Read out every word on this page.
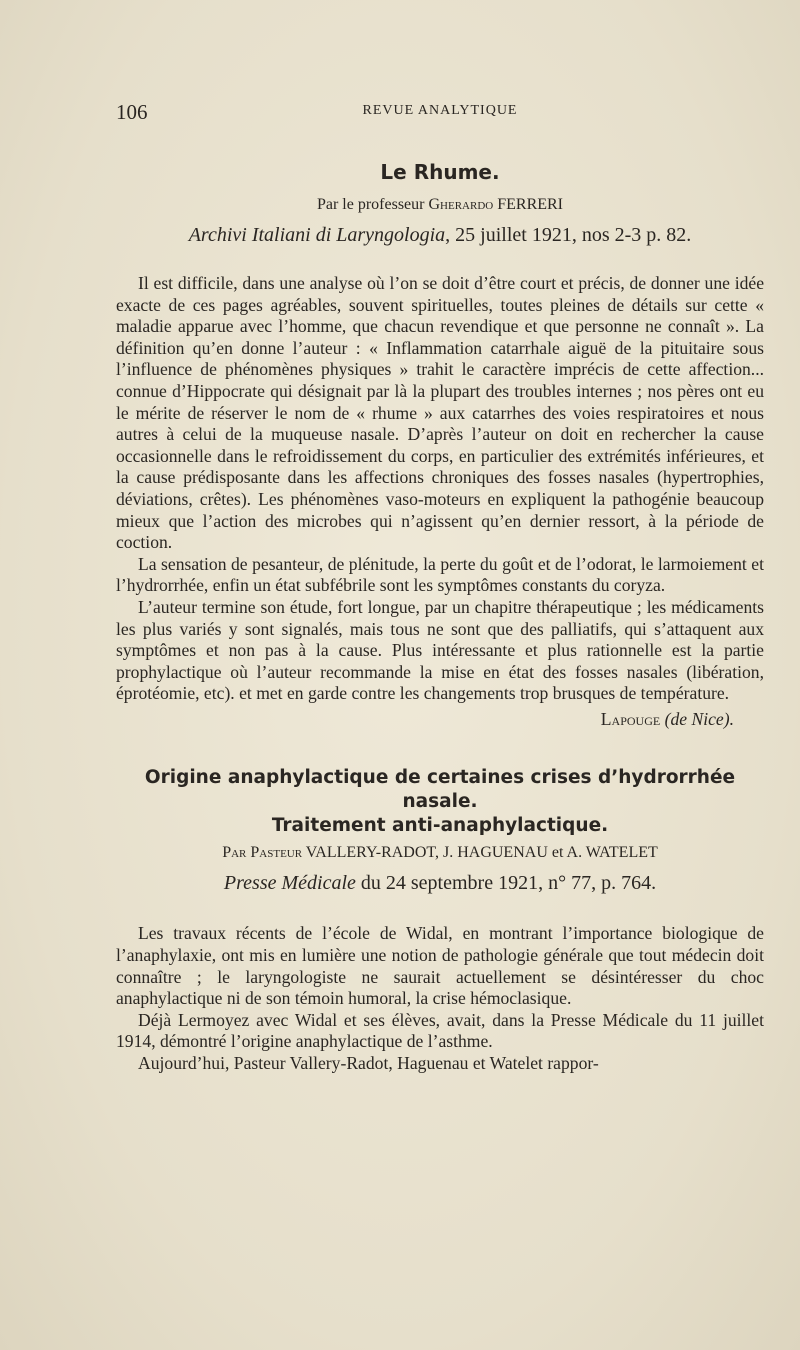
106	REVUE ANALYTIQUE
Le Rhume.
Par le professeur Gherardo FERRERI
Archivi Italiani di Laryngologia, 25 juillet 1921, nos 2-3 p. 82.

Il est difficile, dans une analyse où l’on se doit d’être court et précis, de donner une idée exacte de ces pages agréables, souvent spirituelles, toutes pleines de détails sur cette « maladie apparue avec l’homme, que chacun revendique et que personne ne connaît ». La définition qu’en donne l’auteur : « Inflammation catarrhale aiguë de la pituitaire sous l’influence de phénomènes physiques » trahit le caractère imprécis de cette affection... connue d’Hippocrate qui désignait par là la plupart des troubles internes ; nos pères ont eu le mérite de réserver le nom de « rhume » aux catarrhes des voies respiratoires et nous autres à celui de la muqueuse nasale. D’après l’auteur on doit en rechercher la cause occasionnelle dans le refroidissement du corps, en particulier des extrémités inférieures, et la cause prédisposante dans les affections chroniques des fosses nasales (hypertrophies, déviations, crêtes). Les phénomènes vaso-moteurs en expliquent la pathogénie beaucoup mieux que l’action des microbes qui n’agissent qu’en dernier ressort, à la période de coction.

La sensation de pesanteur, de plénitude, la perte du goût et de l’odorat, le larmoiement et l’hydrorrhée, enfin un état subfébrile sont les symptômes constants du coryza.

L’auteur termine son étude, fort longue, par un chapitre thérapeutique ; les médicaments les plus variés y sont signalés, mais tous ne sont que des palliatifs, qui s’attaquent aux symptômes et non pas à la cause. Plus intéressante et plus rationnelle est la partie prophylactique où l’auteur recommande la mise en état des fosses nasales (libération, éprotéomie, etc). et met en garde contre les changements trop brusques de température.

Lapouge (de Nice).
Origine anaphylactique de certaines crises d’hydrorrhée nasale.
Traitement anti-anaphylactique.
Par Pasteur VALLERY-RADOT, J. HAGUENAU et A. WATELET
Presse Médicale du 24 septembre 1921, n° 77, p. 764.

Les travaux récents de l’école de Widal, en montrant l’importance biologique de l’anaphylaxie, ont mis en lumière une notion de pathologie générale que tout médecin doit connaître ; le laryngologiste ne saurait actuellement se désintéresser du choc anaphylactique ni de son témoin humoral, la crise hémoclasique.

Déjà Lermoyez avec Widal et ses élèves, avait, dans la Presse Médicale du 11 juillet 1914, démontré l’origine anaphylactique de l’asthme.

Aujourd’hui, Pasteur Vallery-Radot, Haguenau et Watelet rappor-
